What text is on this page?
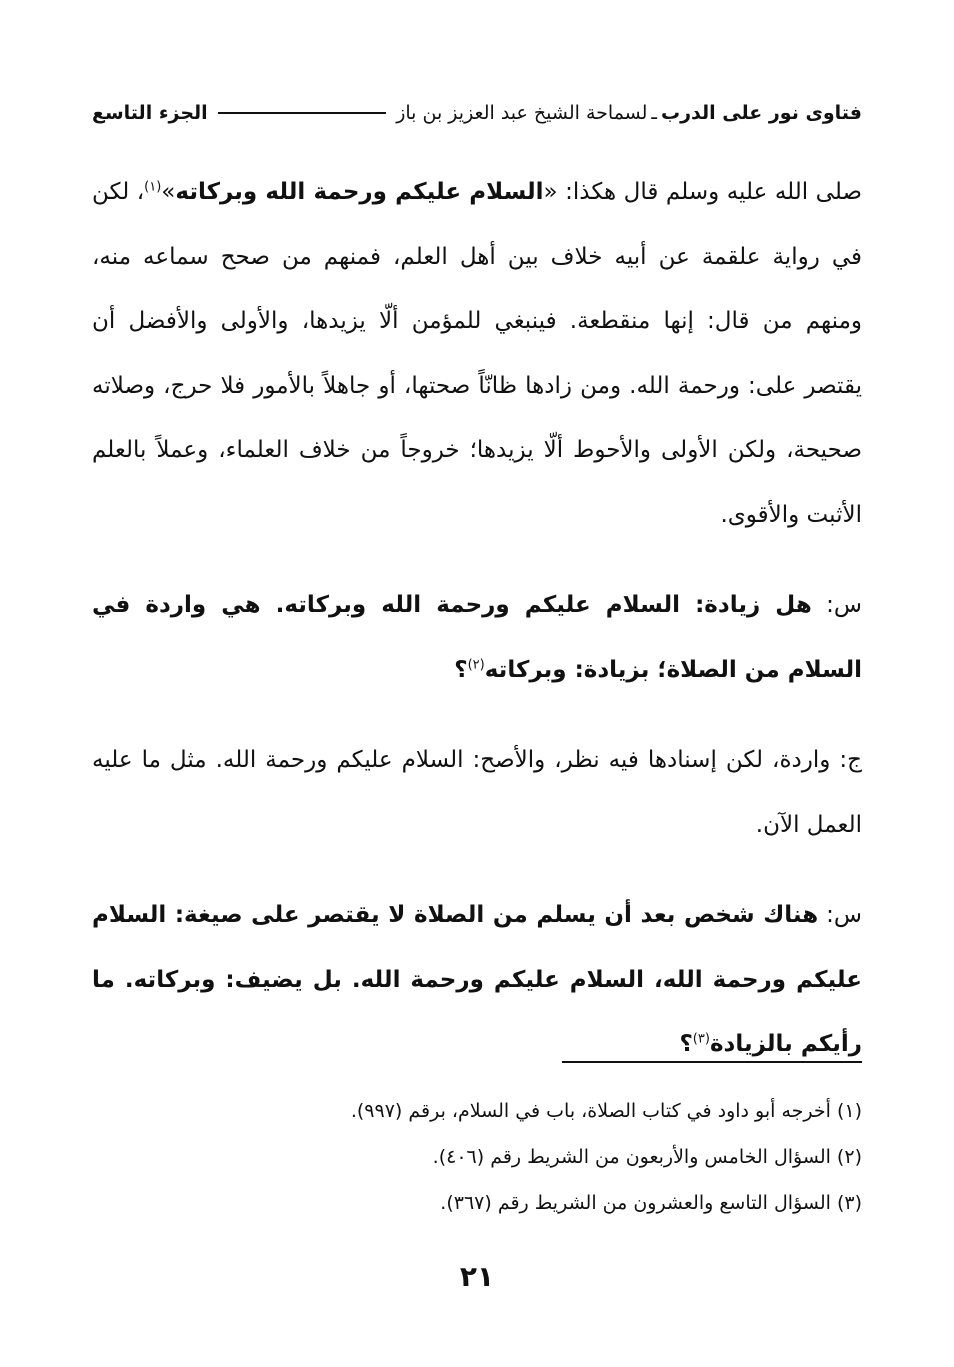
فتاوى نور على الدرب
ـ
لسماحة الشيخ عبد العزيز بن باز
الجزء التاسع

صلى الله عليه وسلم قال هكذا: «السلام عليكم ورحمة الله وبركاته»$^{(١)}$، لكن في رواية علقمة عن أبيه خلاف بين أهل العلم، فمنهم من صحح سماعه منه، ومنهم من قال: إنها منقطعة. فينبغي للمؤمن ألّا يزيدها، والأولى والأفضل أن يقتصر على: ورحمة الله. ومن زادها ظانّاً صحتها، أو جاهلاً بالأمور فلا حرج، وصلاته صحيحة، ولكن الأولى والأحوط ألّا يزيدها؛ خروجاً من خلاف العلماء، وعملاً بالعلم الأثبت والأقوى.

س: هل زيادة: السلام عليكم ورحمة الله وبركاته. هي واردة في السلام من الصلاة؛ بزيادة: وبركاته$^{(٢)}$؟

ج: واردة، لكن إسنادها فيه نظر، والأصح: السلام عليكم ورحمة الله. مثل ما عليه العمل الآن.

س: هناك شخص بعد أن يسلم من الصلاة لا يقتصر على صيغة: السلام عليكم ورحمة الله، السلام عليكم ورحمة الله. بل يضيف: وبركاته. ما رأيكم بالزيادة$^{(٣)}$؟

(١) أخرجه أبو داود في كتاب الصلاة، باب في السلام، برقم (٩٩٧).

(٢) السؤال الخامس والأربعون من الشريط رقم (٤٠٦).

(٣) السؤال التاسع والعشرون من الشريط رقم (٣٦٧).

٢١
